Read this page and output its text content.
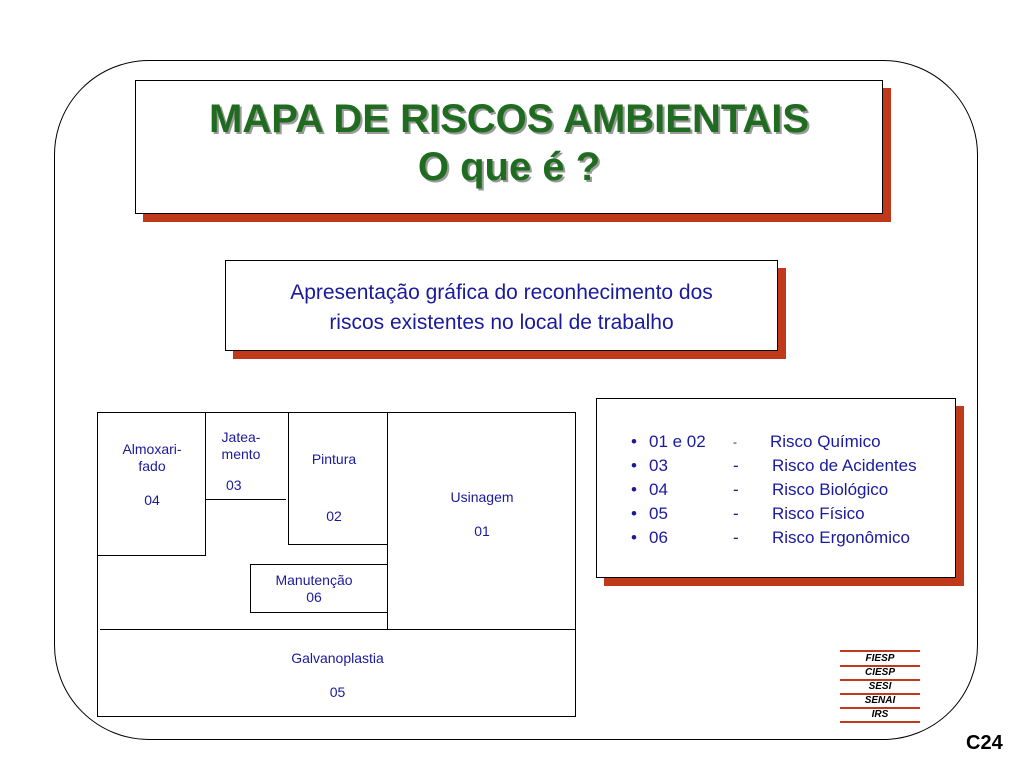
MAPA DE RISCOS AMBIENTAIS
O que é ?
Apresentação gráfica do reconhecimento dos
riscos existentes no local de trabalho
Almoxari-
fado
04
Jatea-
mento
03
Pintura
02
Usinagem
01
Manutenção
06
Galvanoplastia
05
• 01 e 02 - Risco Químico
• 03	- Risco de Acidentes
• 04	- Risco Biológico
• 05	- Risco Físico
• 06	- Risco Ergonômico
FIESP
CIESP
SESI
SENAI
IRS
C24
